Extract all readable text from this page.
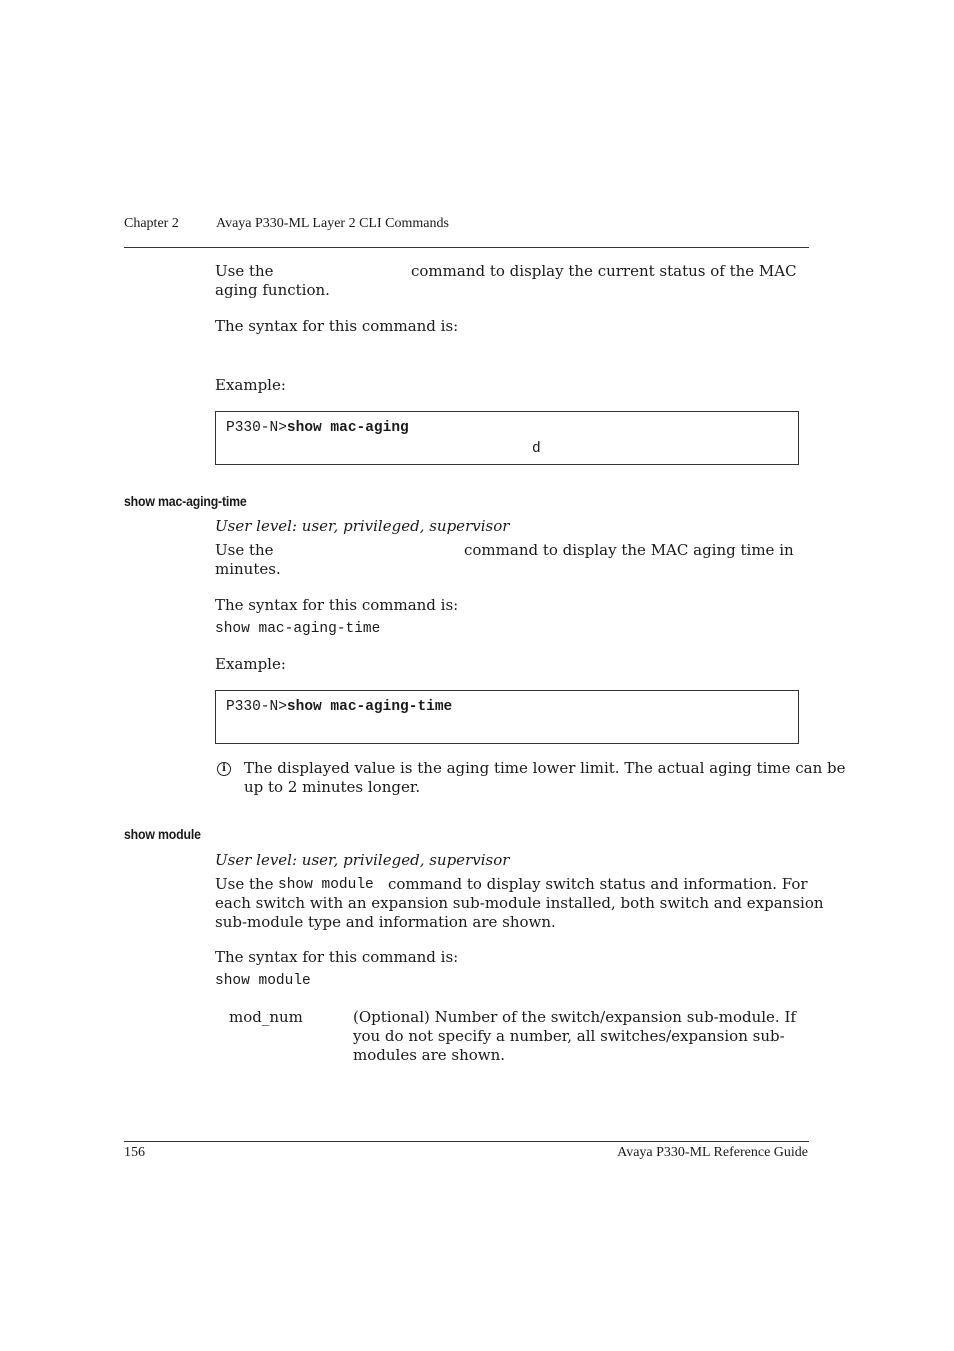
Chapter 2	Avaya P330-ML Layer 2 CLI Commands
Use the	command to display the current status of the MAC
aging function.
The syntax for this command is:
Example:
P330-N>show mac-aging
d
show mac-aging-time
User level: user, privileged, supervisor
Use the	command to display the MAC aging time in
minutes.
The syntax for this command is:
show mac-aging-time
Example:
P330-N>show mac-aging-time
i	The displayed value is the aging time lower limit. The actual aging time can be
up to 2 minutes longer.
show module
User level: user, privileged, supervisor
Use the show module command to display switch status and information. For
each switch with an expansion sub-module installed, both switch and expansion
sub-module type and information are shown.
The syntax for this command is:
show module
mod_num	(Optional) Number of the switch/expansion sub-module. If
you do not specify a number, all switches/expansion sub-
modules are shown.
156	Avaya P330-ML Reference Guide
